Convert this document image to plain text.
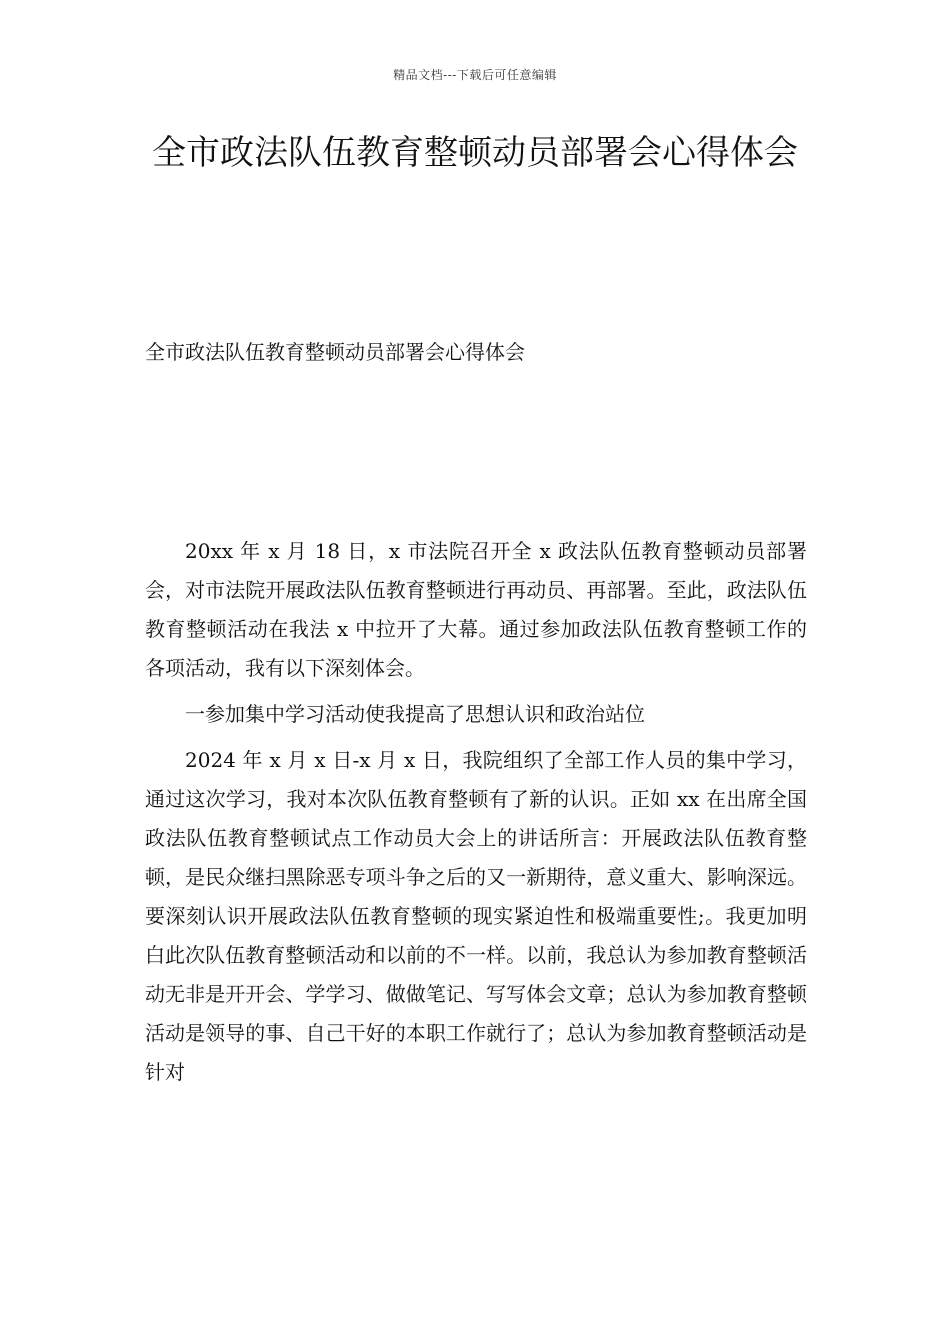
精品文档---下载后可任意编辑
全市政法队伍教育整顿动员部署会心得体会

全市政法队伍教育整顿动员部署会心得体会

20xx 年 x 月 18 日，x 市法院召开全 x 政法队伍教育整顿动员部署会，对市法院开展政法队伍教育整顿进行再动员、再部署。至此，政法队伍教育整顿活动在我法 x 中拉开了大幕。通过参加政法队伍教育整顿工作的各项活动，我有以下深刻体会。

一参加集中学习活动使我提高了思想认识和政治站位

2024 年 x 月 x 日-x 月 x 日，我院组织了全部工作人员的集中学习，通过这次学习，我对本次队伍教育整顿有了新的认识。正如 xx 在出席全国政法队伍教育整顿试点工作动员大会上的讲话所言：开展政法队伍教育整顿，是民众继扫黑除恶专项斗争之后的又一新期待，意义重大、影响深远。要深刻认识开展政法队伍教育整顿的现实紧迫性和极端重要性;。我更加明白此次队伍教育整顿活动和以前的不一样。以前，我总认为参加教育整顿活动无非是开开会、学学习、做做笔记、写写体会文章；总认为参加教育整顿活动是领导的事、自己干好的本职工作就行了；总认为参加教育整顿活动是针对
